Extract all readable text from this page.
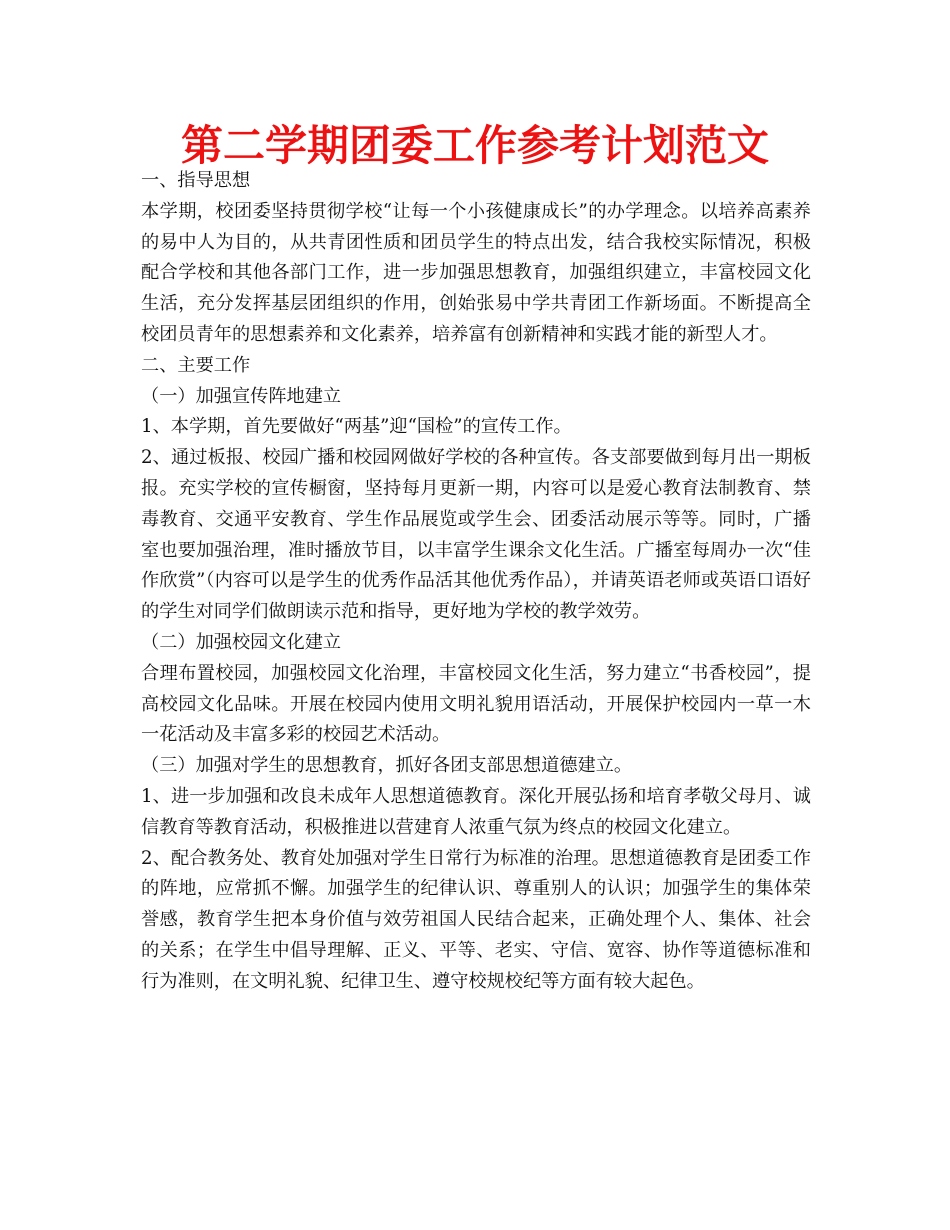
第二学期团委工作参考计划范文

一、指导思想

本学期，校团委坚持贯彻学校“让每一个小孩健康成长”的办学理念。以培养高素养的易中人为目的，从共青团性质和团员学生的特点出发，结合我校实际情况，积极配合学校和其他各部门工作，进一步加强思想教育，加强组织建立，丰富校园文化生活，充分发挥基层团组织的作用，创始张易中学共青团工作新场面。不断提高全校团员青年的思想素养和文化素养，培养富有创新精神和实践才能的新型人才。

二、主要工作

（一）加强宣传阵地建立

1、本学期，首先要做好“两基”迎“国检”的宣传工作。

2、通过板报、校园广播和校园网做好学校的各种宣传。各支部要做到每月出一期板报。充实学校的宣传橱窗，坚持每月更新一期，内容可以是爱心教育法制教育、禁毒教育、交通平安教育、学生作品展览或学生会、团委活动展示等等。同时，广播室也要加强治理，准时播放节目，以丰富学生课余文化生活。广播室每周办一次“佳作欣赏”（内容可以是学生的优秀作品活其他优秀作品），并请英语老师或英语口语好的学生对同学们做朗读示范和指导，更好地为学校的教学效劳。

（二）加强校园文化建立

合理布置校园，加强校园文化治理，丰富校园文化生活，努力建立“书香校园”，提高校园文化品味。开展在校园内使用文明礼貌用语活动，开展保护校园内一草一木一花活动及丰富多彩的校园艺术活动。

（三）加强对学生的思想教育，抓好各团支部思想道德建立。

1、进一步加强和改良未成年人思想道德教育。深化开展弘扬和培育孝敬父母月、诚信教育等教育活动，积极推进以营建育人浓重气氛为终点的校园文化建立。

2、配合教务处、教育处加强对学生日常行为标准的治理。思想道德教育是团委工作的阵地，应常抓不懈。加强学生的纪律认识、尊重别人的认识；加强学生的集体荣誉感，教育学生把本身价值与效劳祖国人民结合起来，正确处理个人、集体、社会的关系；在学生中倡导理解、正义、平等、老实、守信、宽容、协作等道德标准和行为准则，在文明礼貌、纪律卫生、遵守校规校纪等方面有较大起色。
